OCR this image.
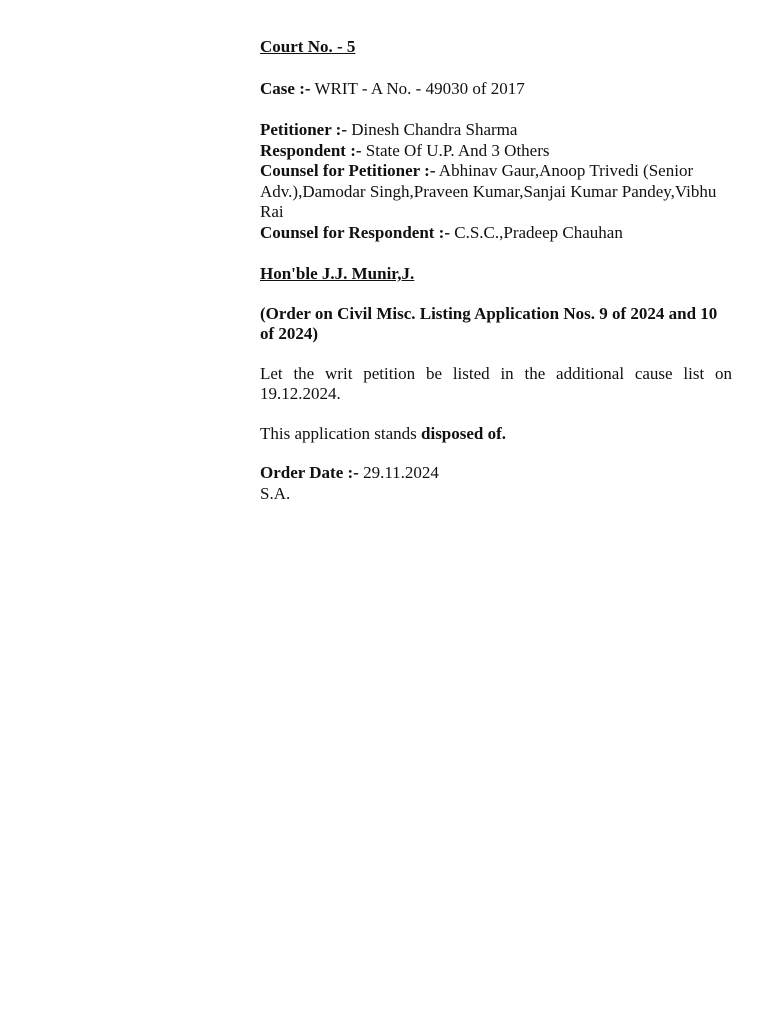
Court No. - 5

Case :- WRIT - A No. - 49030 of 2017

Petitioner :- Dinesh Chandra Sharma

Respondent :- State Of U.P. And 3 Others

Counsel for Petitioner :- Abhinav Gaur,Anoop Trivedi (Senior Adv.),Damodar Singh,Praveen Kumar,Sanjai Kumar Pandey,Vibhu Rai

Counsel for Respondent :- C.S.C.,Pradeep Chauhan

Hon'ble J.J. Munir,J.

(Order on Civil Misc. Listing Application Nos. 9 of 2024 and 10 of 2024)

Let the writ petition be listed in the additional cause list on 19.12.2024.

This application stands disposed of.

Order Date :- 29.11.2024

S.A.
